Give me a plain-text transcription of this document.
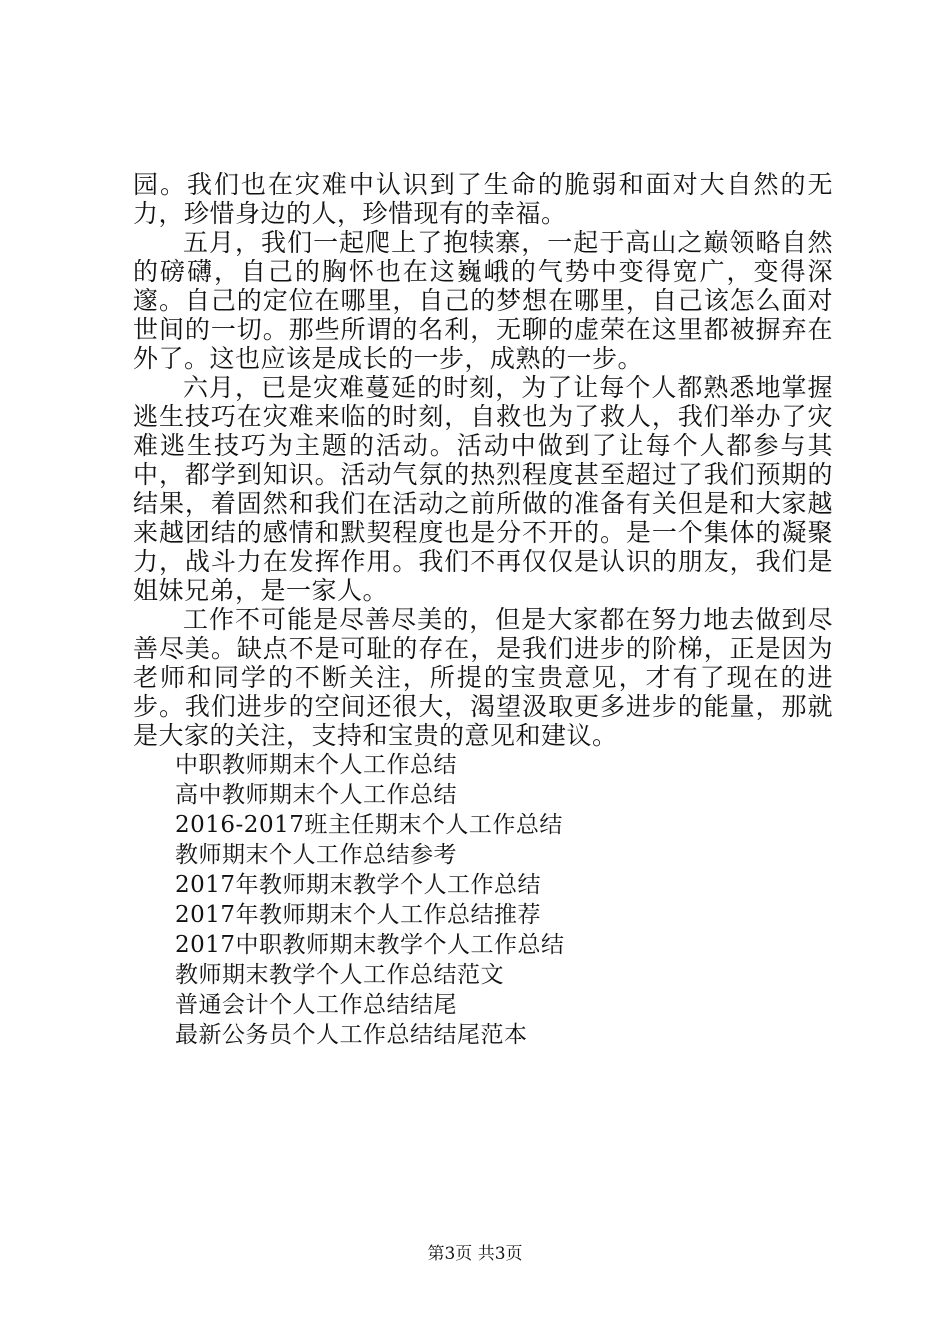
园。我们也在灾难中认识到了生命的脆弱和面对大自然的无力，珍惜身边的人，珍惜现有的幸福。

五月，我们一起爬上了抱犊寨，一起于高山之巅领略自然的磅礴，自己的胸怀也在这巍峨的气势中变得宽广，变得深邃。自己的定位在哪里，自己的梦想在哪里，自己该怎么面对世间的一切。那些所谓的名利，无聊的虚荣在这里都被摒弃在外了。这也应该是成长的一步，成熟的一步。

六月，已是灾难蔓延的时刻，为了让每个人都熟悉地掌握逃生技巧在灾难来临的时刻，自救也为了救人，我们举办了灾难逃生技巧为主题的活动。活动中做到了让每个人都参与其中，都学到知识。活动气氛的热烈程度甚至超过了我们预期的结果，着固然和我们在活动之前所做的准备有关但是和大家越来越团结的感情和默契程度也是分不开的。是一个集体的凝聚力，战斗力在发挥作用。我们不再仅仅是认识的朋友，我们是姐妹兄弟，是一家人。

工作不可能是尽善尽美的，但是大家都在努力地去做到尽善尽美。缺点不是可耻的存在，是我们进步的阶梯，正是因为老师和同学的不断关注，所提的宝贵意见，才有了现在的进步。我们进步的空间还很大，渴望汲取更多进步的能量，那就是大家的关注，支持和宝贵的意见和建议。

中职教师期末个人工作总结
高中教师期末个人工作总结
2016-2017班主任期末个人工作总结
教师期末个人工作总结参考
2017年教师期末教学个人工作总结
2017年教师期末个人工作总结推荐
2017中职教师期末教学个人工作总结
教师期末教学个人工作总结范文
普通会计个人工作总结结尾
最新公务员个人工作总结结尾范本
第3页 共3页
